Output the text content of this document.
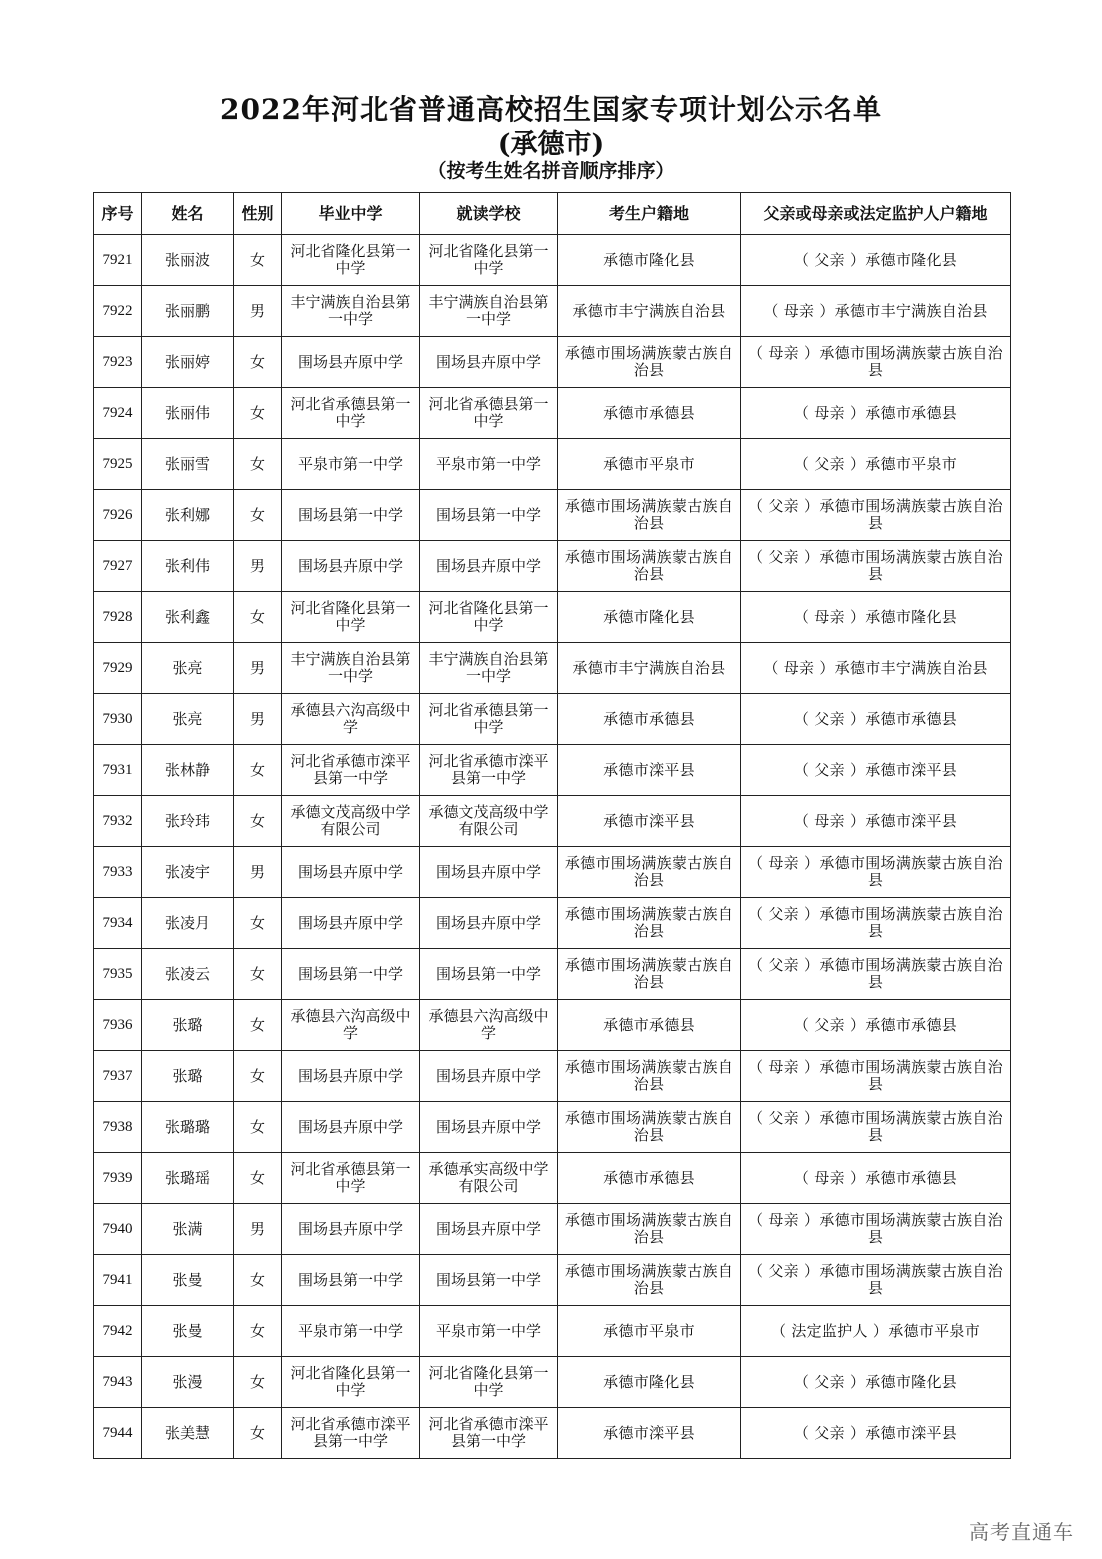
2022年河北省普通高校招生国家专项计划公示名单
(承德市)
（按考生姓名拼音顺序排序）
序号	姓名	性别	毕业中学	就读学校	考生户籍地	父亲或母亲或法定监护人户籍地
7921	张丽波	女	河北省隆化县第一中学	河北省隆化县第一中学	承德市隆化县	（ 父亲 ）承德市隆化县
7922	张丽鹏	男	丰宁满族自治县第一中学	丰宁满族自治县第一中学	承德市丰宁满族自治县	（ 母亲 ）承德市丰宁满族自治县
7923	张丽婷	女	围场县卉原中学	围场县卉原中学	承德市围场满族蒙古族自治县	（ 母亲 ）承德市围场满族蒙古族自治县
7924	张丽伟	女	河北省承德县第一中学	河北省承德县第一中学	承德市承德县	（ 母亲 ）承德市承德县
7925	张丽雪	女	平泉市第一中学	平泉市第一中学	承德市平泉市	（ 父亲 ）承德市平泉市
7926	张利娜	女	围场县第一中学	围场县第一中学	承德市围场满族蒙古族自治县	（ 父亲 ）承德市围场满族蒙古族自治县
7927	张利伟	男	围场县卉原中学	围场县卉原中学	承德市围场满族蒙古族自治县	（ 父亲 ）承德市围场满族蒙古族自治县
7928	张利鑫	女	河北省隆化县第一中学	河北省隆化县第一中学	承德市隆化县	（ 母亲 ）承德市隆化县
7929	张亮	男	丰宁满族自治县第一中学	丰宁满族自治县第一中学	承德市丰宁满族自治县	（ 母亲 ）承德市丰宁满族自治县
7930	张亮	男	承德县六沟高级中学	河北省承德县第一中学	承德市承德县	（ 父亲 ）承德市承德县
7931	张林静	女	河北省承德市滦平县第一中学	河北省承德市滦平县第一中学	承德市滦平县	（ 父亲 ）承德市滦平县
7932	张玲玮	女	承德文茂高级中学有限公司	承德文茂高级中学有限公司	承德市滦平县	（ 母亲 ）承德市滦平县
7933	张凌宇	男	围场县卉原中学	围场县卉原中学	承德市围场满族蒙古族自治县	（ 母亲 ）承德市围场满族蒙古族自治县
7934	张凌月	女	围场县卉原中学	围场县卉原中学	承德市围场满族蒙古族自治县	（ 父亲 ）承德市围场满族蒙古族自治县
7935	张凌云	女	围场县第一中学	围场县第一中学	承德市围场满族蒙古族自治县	（ 父亲 ）承德市围场满族蒙古族自治县
7936	张璐	女	承德县六沟高级中学	承德县六沟高级中学	承德市承德县	（ 父亲 ）承德市承德县
7937	张璐	女	围场县卉原中学	围场县卉原中学	承德市围场满族蒙古族自治县	（ 母亲 ）承德市围场满族蒙古族自治县
7938	张璐璐	女	围场县卉原中学	围场县卉原中学	承德市围场满族蒙古族自治县	（ 父亲 ）承德市围场满族蒙古族自治县
7939	张璐瑶	女	河北省承德县第一中学	承德承实高级中学有限公司	承德市承德县	（ 母亲 ）承德市承德县
7940	张满	男	围场县卉原中学	围场县卉原中学	承德市围场满族蒙古族自治县	（ 母亲 ）承德市围场满族蒙古族自治县
7941	张曼	女	围场县第一中学	围场县第一中学	承德市围场满族蒙古族自治县	（ 父亲 ）承德市围场满族蒙古族自治县
7942	张曼	女	平泉市第一中学	平泉市第一中学	承德市平泉市	（ 法定监护人 ）承德市平泉市
7943	张漫	女	河北省隆化县第一中学	河北省隆化县第一中学	承德市隆化县	（ 父亲 ）承德市隆化县
7944	张美慧	女	河北省承德市滦平县第一中学	河北省承德市滦平县第一中学	承德市滦平县	（ 父亲 ）承德市滦平县
高考直通车
